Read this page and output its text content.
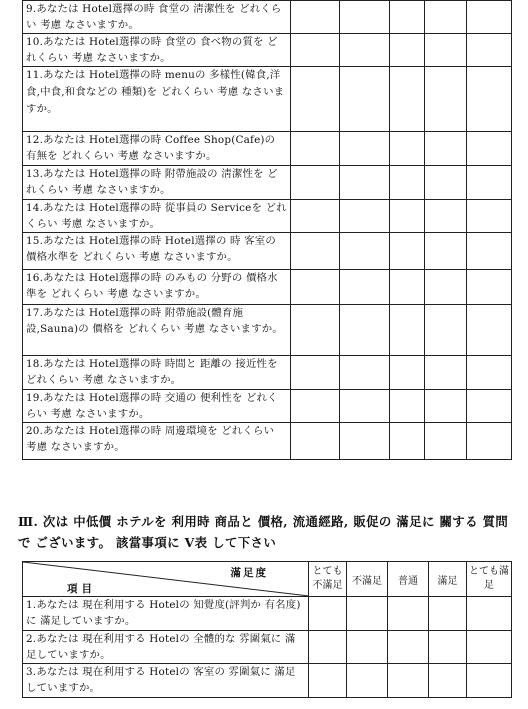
9.あなたは Hotel選擇の時 食堂の 淸潔性を どれくらい 考慮 なさいますか。					
10.あなたは Hotel選擇の時 食堂の 食べ物の質を どれくらい 考慮 なさいますか。					
11.あなたは Hotel選擇の時 menuの 多樣性(韓食,洋食,中食,和食などの 種類)を どれくらい 考慮 なさいますか。					
12.あなたは Hotel選擇の時 Coffee Shop(Cafe)の 有無を どれくらい 考慮 なさいますか。					
13.あなたは Hotel選擇の時 附帶施設の 淸潔性を どれくらい 考慮 なさいますか。					
14.あなたは Hotel選擇の時 從事員の Serviceを どれくらい 考慮 なさいますか。					
15.あなたは Hotel選擇の時 Hotel選擇の 時 客室の 價格水準を どれくらい 考慮 なさいますか。					
16.あなたは Hotel選擇の時 のみもの 分野の 價格水準を どれくらい 考慮 なさいますか。					
17.あなたは Hotel選擇の時 附帶施設(體育施設,Sauna)の 價格を どれくらい 考慮 なさいますか。					
18.あなたは Hotel選擇の時 時間と 距離の 接近性を どれくらい 考慮 なさいますか。					
19.あなたは Hotel選擇の時 交通の 便利性を どれくらい 考慮 なさいますか。					
20.あなたは Hotel選擇の時 周邊環境を どれくらい 考慮 なさいますか。					
Ⅲ. 次は 中低價 ホテルを 利用時 商品と 價格, 流通經路, 販促の 滿足に 關する 質問で ございます。 該當事項に V表 して下さい
滿足度
項目	とても不滿足	不滿足	普通	滿足	とても滿足
1.あなたは 現在利用する Hotelの 知覺度(評判か 有名度)に 滿足していますか。					
2.あなたは 現在利用する Hotelの 全體的な 雰圍氣に 滿足していますか。					
3.あなたは 現在利用する Hotelの 客室の 雰圍氣に 滿足していますか。					
